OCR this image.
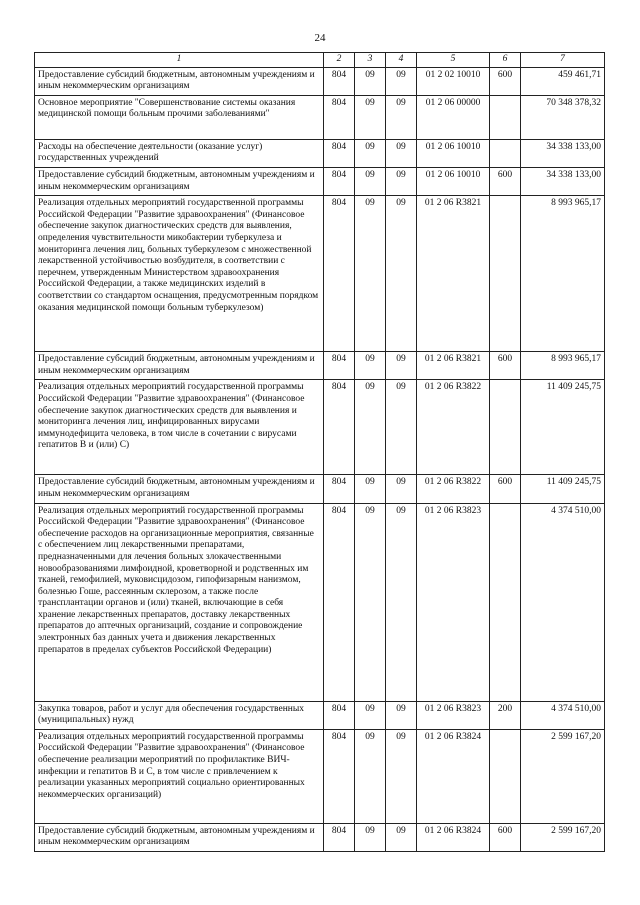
24
1	2	3	4	5	6	7
Предоставление субсидий бюджетным, автономным учреждениям и иным некоммерческим организациям	804	09	09	01 2 02 10010	600	459 461,71
Основное мероприятие "Совершенствование системы оказания медицинской помощи больным прочими заболеваниями"	804	09	09	01 2 06 00000		70 348 378,32
Расходы на обеспечение деятельности (оказание услуг) государственных учреждений	804	09	09	01 2 06 10010		34 338 133,00
Предоставление субсидий бюджетным, автономным учреждениям и иным некоммерческим организациям	804	09	09	01 2 06 10010	600	34 338 133,00
Реализация отдельных мероприятий государственной программы Российской Федерации "Развитие здравоохранения" (Финансовое обеспечение закупок диагностических средств для выявления, определения чувствительности микобактерии туберкулеза и мониторинга лечения лиц, больных туберкулезом с множественной лекарственной устойчивостью возбудителя, в соответствии с перечнем, утвержденным Министерством здравоохранения Российской Федерации, а также медицинских изделий в соответствии со стандартом оснащения, предусмотренным порядком оказания медицинской помощи больным туберкулезом)	804	09	09	01 2 06 R3821		8 993 965,17
Предоставление субсидий бюджетным, автономным учреждениям и иным некоммерческим организациям	804	09	09	01 2 06 R3821	600	8 993 965,17
Реализация отдельных мероприятий государственной программы Российской Федерации "Развитие здравоохранения" (Финансовое обеспечение закупок диагностических средств для выявления и мониторинга лечения лиц, инфицированных вирусами иммунодефицита человека, в том числе в сочетании с вирусами гепатитов В и (или) С)	804	09	09	01 2 06 R3822		11 409 245,75
Предоставление субсидий бюджетным, автономным учреждениям и иным некоммерческим организациям	804	09	09	01 2 06 R3822	600	11 409 245,75
Реализация отдельных мероприятий государственной программы Российской Федерации "Развитие здравоохранения" (Финансовое обеспечение расходов на организационные мероприятия, связанные с обеспечением лиц лекарственными препаратами, предназначенными для лечения больных злокачественными новообразованиями лимфоидной, кроветворной и родственных им тканей, гемофилией, муковисцидозом, гипофизарным нанизмом, болезнью Гоше, рассеянным склерозом, а также после трансплантации органов и (или) тканей, включающие в себя хранение лекарственных препаратов, доставку лекарственных препаратов до аптечных организаций, создание и сопровождение электронных баз данных учета и движения лекарственных препаратов в пределах субъектов Российской Федерации)	804	09	09	01 2 06 R3823		4 374 510,00
Закупка товаров, работ и услуг для обеспечения государственных (муниципальных) нужд	804	09	09	01 2 06 R3823	200	4 374 510,00
Реализация отдельных мероприятий государственной программы Российской Федерации "Развитие здравоохранения" (Финансовое обеспечение реализации мероприятий по профилактике ВИЧ-инфекции и гепатитов В и С, в том числе с привлечением к реализации указанных мероприятий социально ориентированных некоммерческих организаций)	804	09	09	01 2 06 R3824		2 599 167,20
Предоставление субсидий бюджетным, автономным учреждениям и иным некоммерческим организациям	804	09	09	01 2 06 R3824	600	2 599 167,20
